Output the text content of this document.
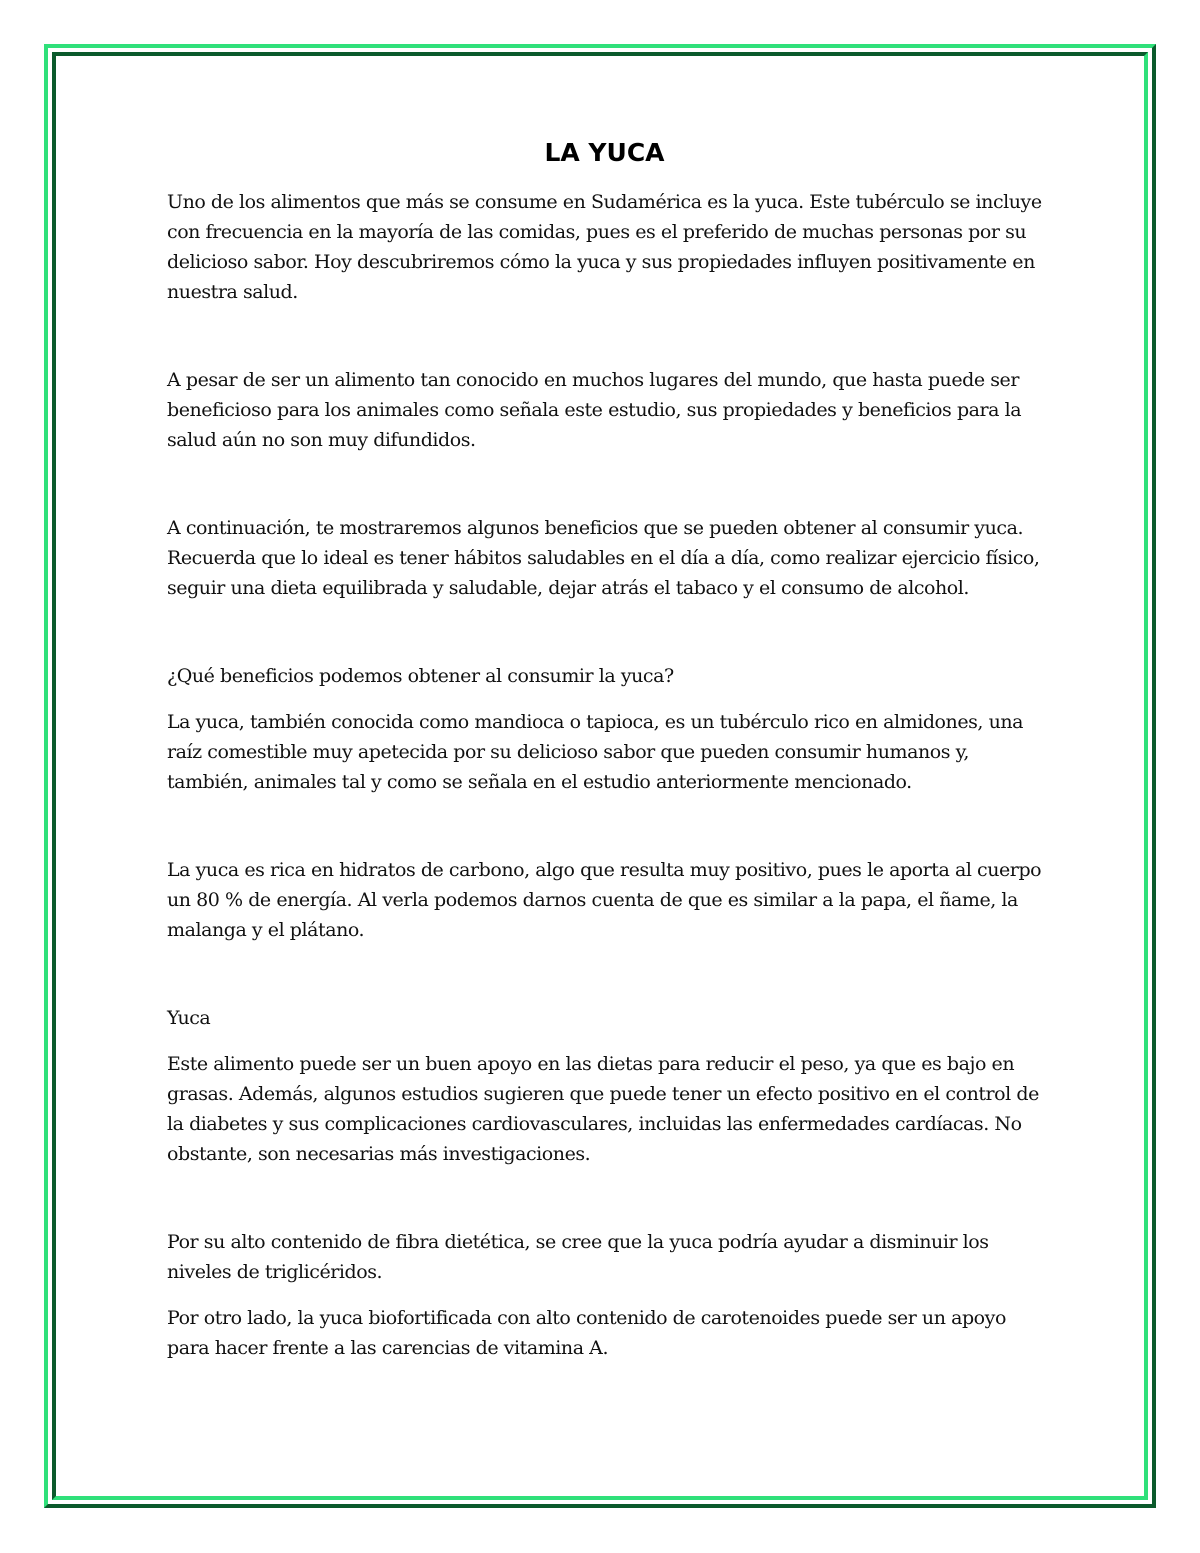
LA YUCA

Uno de los alimentos que más se consume en Sudamérica es la yuca. Este tubérculo se incluye con frecuencia en la mayoría de las comidas, pues es el preferido de muchas personas por su delicioso sabor. Hoy descubriremos cómo la yuca y sus propiedades influyen positivamente en nuestra salud.

A pesar de ser un alimento tan conocido en muchos lugares del mundo, que hasta puede ser beneficioso para los animales como señala este estudio, sus propiedades y beneficios para la salud aún no son muy difundidos.

A continuación, te mostraremos algunos beneficios que se pueden obtener al consumir yuca. Recuerda que lo ideal es tener hábitos saludables en el día a día, como realizar ejercicio físico, seguir una dieta equilibrada y saludable, dejar atrás el tabaco y el consumo de alcohol.

¿Qué beneficios podemos obtener al consumir la yuca?

La yuca, también conocida como mandioca o tapioca, es un tubérculo rico en almidones, una raíz comestible muy apetecida por su delicioso sabor que pueden consumir humanos y, también, animales tal y como se señala en el estudio anteriormente mencionado.

La yuca es rica en hidratos de carbono, algo que resulta muy positivo, pues le aporta al cuerpo un 80 % de energía. Al verla podemos darnos cuenta de que es similar a la papa, el ñame, la malanga y el plátano.

Yuca

Este alimento puede ser un buen apoyo en las dietas para reducir el peso, ya que es bajo en grasas. Además, algunos estudios sugieren que puede tener un efecto positivo en el control de la diabetes y sus complicaciones cardiovasculares, incluidas las enfermedades cardíacas. No obstante, son necesarias más investigaciones.

Por su alto contenido de fibra dietética, se cree que la yuca podría ayudar a disminuir los niveles de triglicéridos.

Por otro lado, la yuca biofortificada con alto contenido de carotenoides puede ser un apoyo para hacer frente a las carencias de vitamina A.
